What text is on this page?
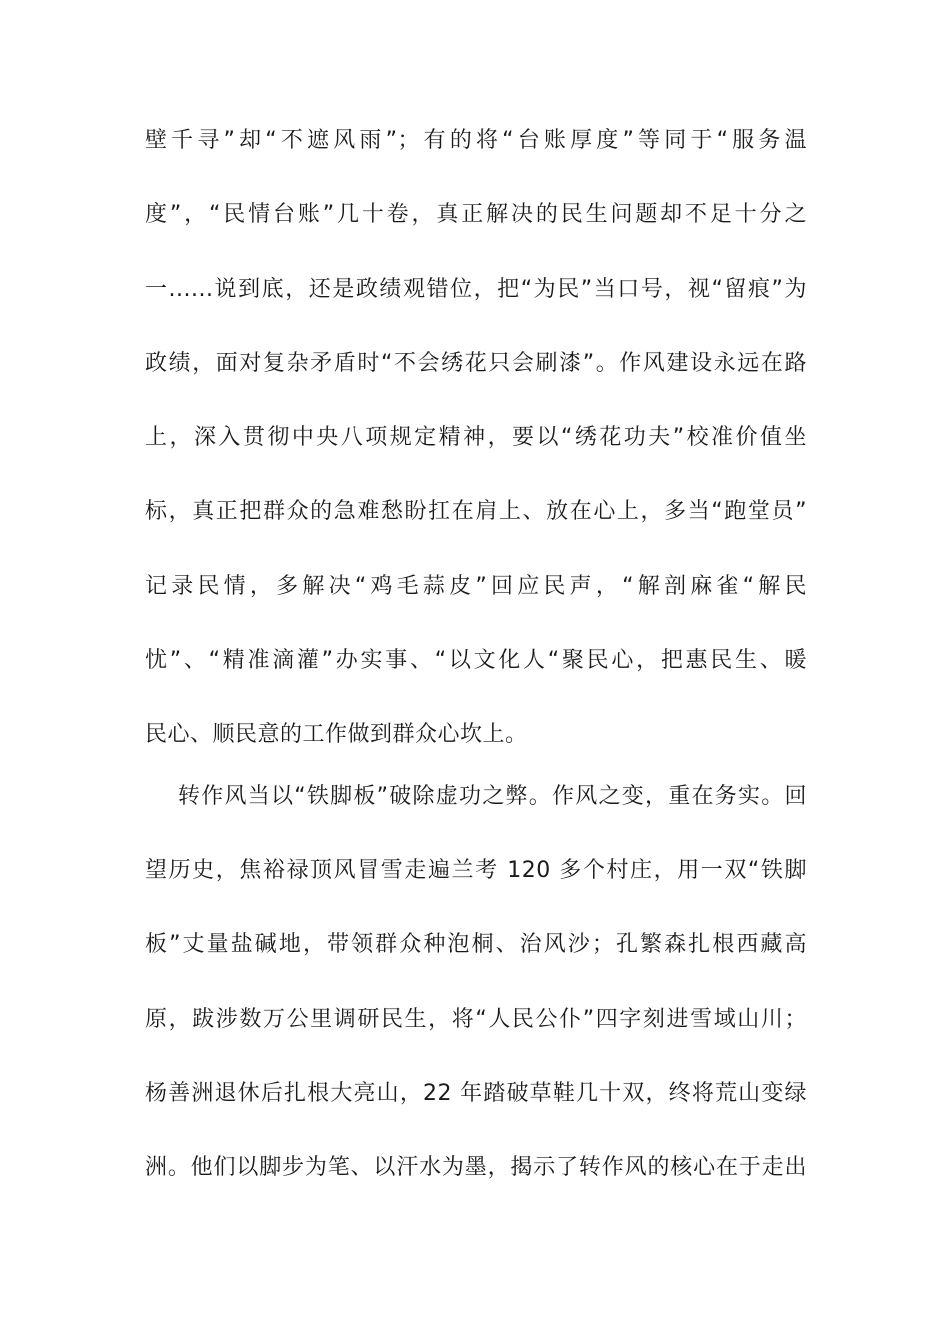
壁千寻”却“不遮风雨”；有的将“台账厚度”等同于“服务温
度”，“民情台账”几十卷，真正解决的民生问题却不足十分之
一......说到底，还是政绩观错位，把“为民”当口号，视“留痕”为
政绩，面对复杂矛盾时“不会绣花只会刷漆”。作风建设永远在路
上，深入贯彻中央八项规定精神，要以“绣花功夫”校准价值坐
标，真正把群众的急难愁盼扛在肩上、放在心上，多当“跑堂员”
记录民情，多解决“鸡毛蒜皮”回应民声，“解剖麻雀“解民
忧”、“精准滴灌”办实事、“以文化人“聚民心，把惠民生、暖
民心、顺民意的工作做到群众心坎上。
转作风当以“铁脚板”破除虚功之弊。作风之变，重在务实。回
望历史，焦裕禄顶风冒雪走遍兰考 120 多个村庄，用一双“铁脚
板”丈量盐碱地，带领群众种泡桐、治风沙；孔繁森扎根西藏高
原，跋涉数万公里调研民生，将“人民公仆”四字刻进雪域山川；
杨善洲退休后扎根大亮山，22 年踏破草鞋几十双，终将荒山变绿
洲。他们以脚步为笔、以汗水为墨，揭示了转作风的核心在于走出
